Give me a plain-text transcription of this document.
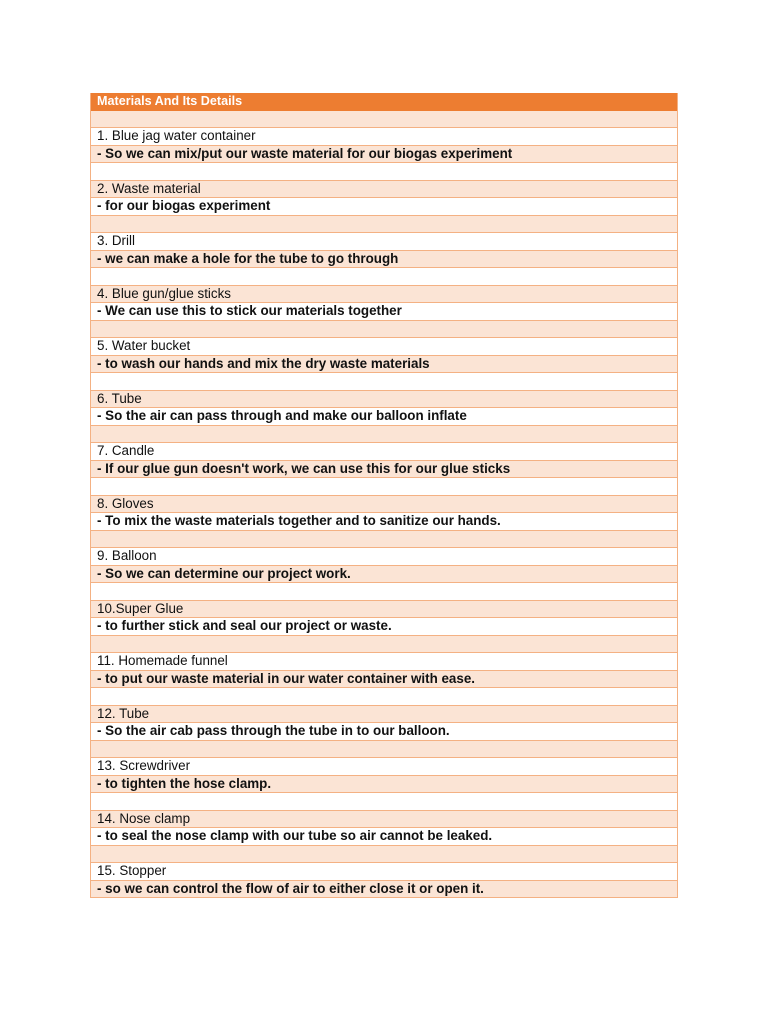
Materials And Its Details
1. Blue jag water container
- So we can mix/put our waste material for our biogas experiment
2. Waste material
- for our biogas experiment
3. Drill
- we can make a hole for the tube to go through
4. Blue gun/glue sticks
- We can use this to stick our materials together
5. Water bucket
- to wash our hands and mix the dry waste materials
6. Tube
- So the air can pass through and make our balloon inflate
7. Candle
- If our glue gun doesn't work, we can use this for our glue sticks
8. Gloves
- To mix the waste materials together and to sanitize our hands.
9. Balloon
- So we can determine our project work.
10.Super Glue
- to further stick and seal our project or waste.
11. Homemade funnel
- to put our waste material in our water container with ease.
12. Tube
- So the air cab pass through the tube in to our balloon.
13. Screwdriver
- to tighten the hose clamp.
14. Nose clamp
- to seal the nose clamp with our tube so air cannot be leaked.
15. Stopper
- so we can control the flow of air to either close it or open it.
